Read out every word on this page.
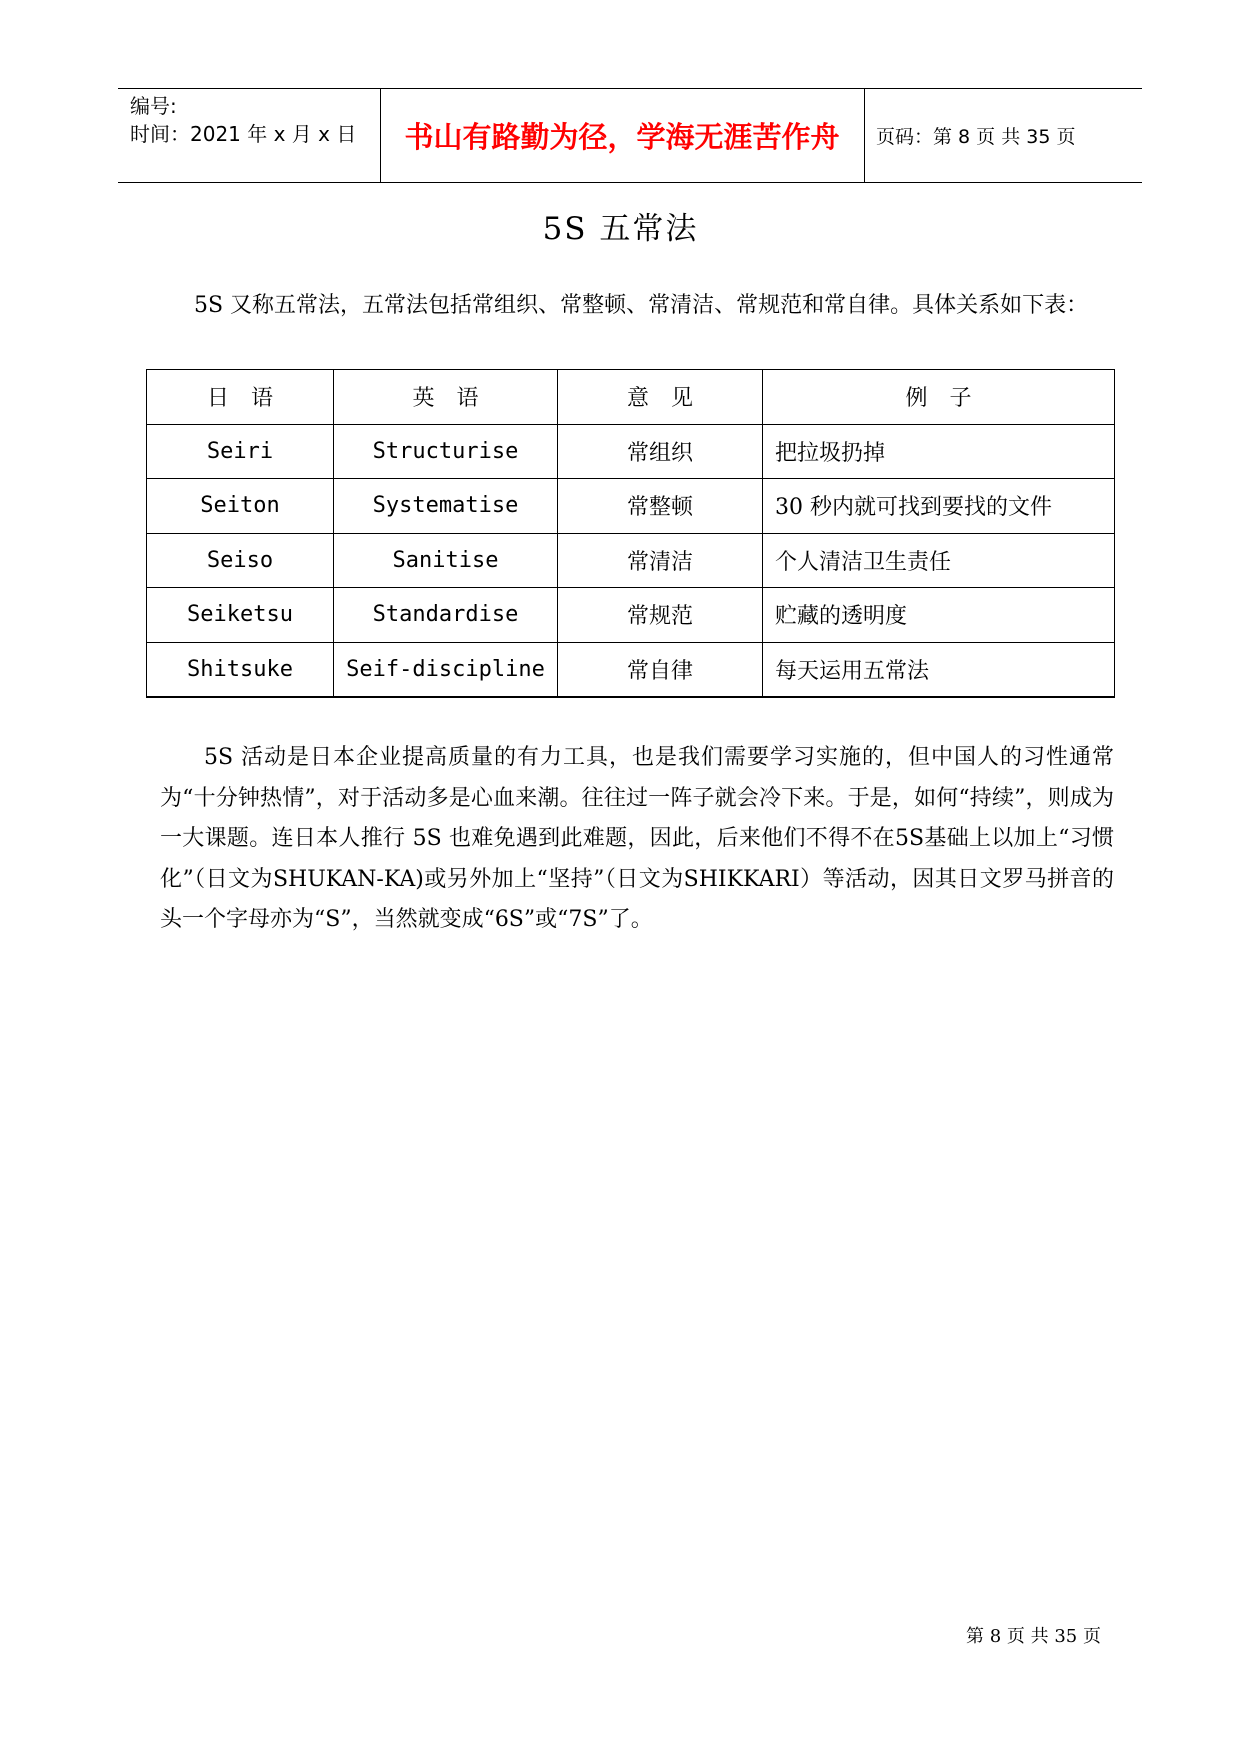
编号:
时间：2021 年 x 月 x 日	书山有路勤为径，学海无涯苦作舟	页码：第 8 页 共 35 页
5S 五常法
5S 又称五常法，五常法包括常组织、常整顿、常清洁、常规范和常自律。具体关系如下表：
日　语	英　语	意　见	例　子
Seiri	Structurise	常组织	把拉圾扔掉
Seiton	Systematise	常整顿	30 秒内就可找到要找的文件
Seiso	Sanitise	常清洁	个人清洁卫生责任
Seiketsu	Standardise	常规范	贮藏的透明度
Shitsuke	Seif-discipline	常自律	每天运用五常法
5S 活动是日本企业提高质量的有力工具，也是我们需要学习实施的，但中国人的习性通常为“十分钟热情”，对于活动多是心血来潮。往往过一阵子就会冷下来。于是，如何“持续”，则成为一大课题。连日本人推行 5S 也难免遇到此难题，因此，后来他们不得不在5S基础上以加上“习惯化”（日文为SHUKAN-KA)或另外加上“坚持”（日文为SHIKKARI）等活动，因其日文罗马拼音的头一个字母亦为“S”，当然就变成“6S”或“7S”了。
第 8 页 共 35 页
